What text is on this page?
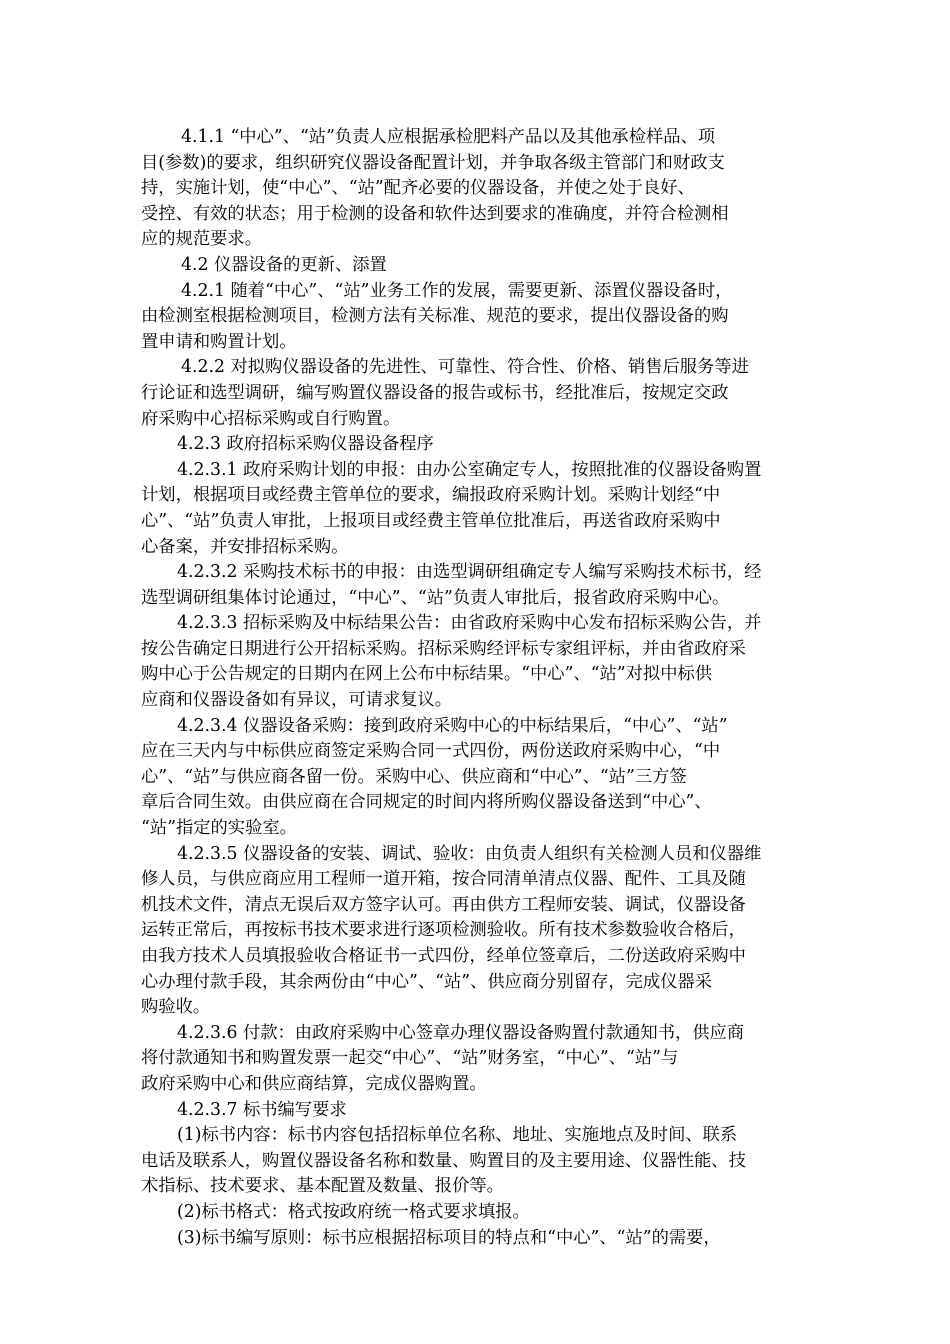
4.1.1 “中心”、“站”负责人应根据承检肥料产品以及其他承检样品、项
目(参数)的要求，组织研究仪器设备配置计划，并争取各级主管部门和财政支
持，实施计划，使“中心”、“站”配齐必要的仪器设备，并使之处于良好、
受控、有效的状态；用于检测的设备和软件达到要求的准确度，并符合检测相
应的规范要求。
4.2 仪器设备的更新、添置
4.2.1 随着“中心”、“站”业务工作的发展，需要更新、添置仪器设备时，
由检测室根据检测项目，检测方法有关标准、规范的要求，提出仪器设备的购
置申请和购置计划。
4.2.2 对拟购仪器设备的先进性、可靠性、符合性、价格、销售后服务等进
行论证和选型调研，编写购置仪器设备的报告或标书，经批准后，按规定交政
府采购中心招标采购或自行购置。
4.2.3 政府招标采购仪器设备程序
4.2.3.1 政府采购计划的申报：由办公室确定专人，按照批准的仪器设备购置
计划，根据项目或经费主管单位的要求，编报政府采购计划。采购计划经“中
心”、“站”负责人审批，上报项目或经费主管单位批准后，再送省政府采购中
心备案，并安排招标采购。
4.2.3.2 采购技术标书的申报：由选型调研组确定专人编写采购技术标书，经
选型调研组集体讨论通过，“中心”、“站”负责人审批后，报省政府采购中心。
4.2.3.3 招标采购及中标结果公告：由省政府采购中心发布招标采购公告，并
按公告确定日期进行公开招标采购。招标采购经评标专家组评标，并由省政府采
购中心于公告规定的日期内在网上公布中标结果。“中心”、“站”对拟中标供
应商和仪器设备如有异议，可请求复议。
4.2.3.4 仪器设备采购：接到政府采购中心的中标结果后，“中心”、“站”
应在三天内与中标供应商签定采购合同一式四份，两份送政府采购中心，“中
心”、“站”与供应商各留一份。采购中心、供应商和“中心”、“站”三方签
章后合同生效。由供应商在合同规定的时间内将所购仪器设备送到“中心”、
“站”指定的实验室。
4.2.3.5 仪器设备的安装、调试、验收：由负责人组织有关检测人员和仪器维
修人员，与供应商应用工程师一道开箱，按合同清单清点仪器、配件、工具及随
机技术文件，清点无误后双方签字认可。再由供方工程师安装、调试，仪器设备
运转正常后，再按标书技术要求进行逐项检测验收。所有技术参数验收合格后，
由我方技术人员填报验收合格证书一式四份，经单位签章后，二份送政府采购中
心办理付款手段，其余两份由“中心”、“站”、供应商分别留存，完成仪器采
购验收。
4.2.3.6 付款：由政府采购中心签章办理仪器设备购置付款通知书，供应商
将付款通知书和购置发票一起交“中心”、“站”财务室，“中心”、“站”与
政府采购中心和供应商结算，完成仪器购置。
4.2.3.7 标书编写要求
(1)标书内容：标书内容包括招标单位名称、地址、实施地点及时间、联系
电话及联系人，购置仪器设备名称和数量、购置目的及主要用途、仪器性能、技
术指标、技术要求、基本配置及数量、报价等。
(2)标书格式：格式按政府统一格式要求填报。
(3)标书编写原则：标书应根据招标项目的特点和“中心”、“站”的需要，
